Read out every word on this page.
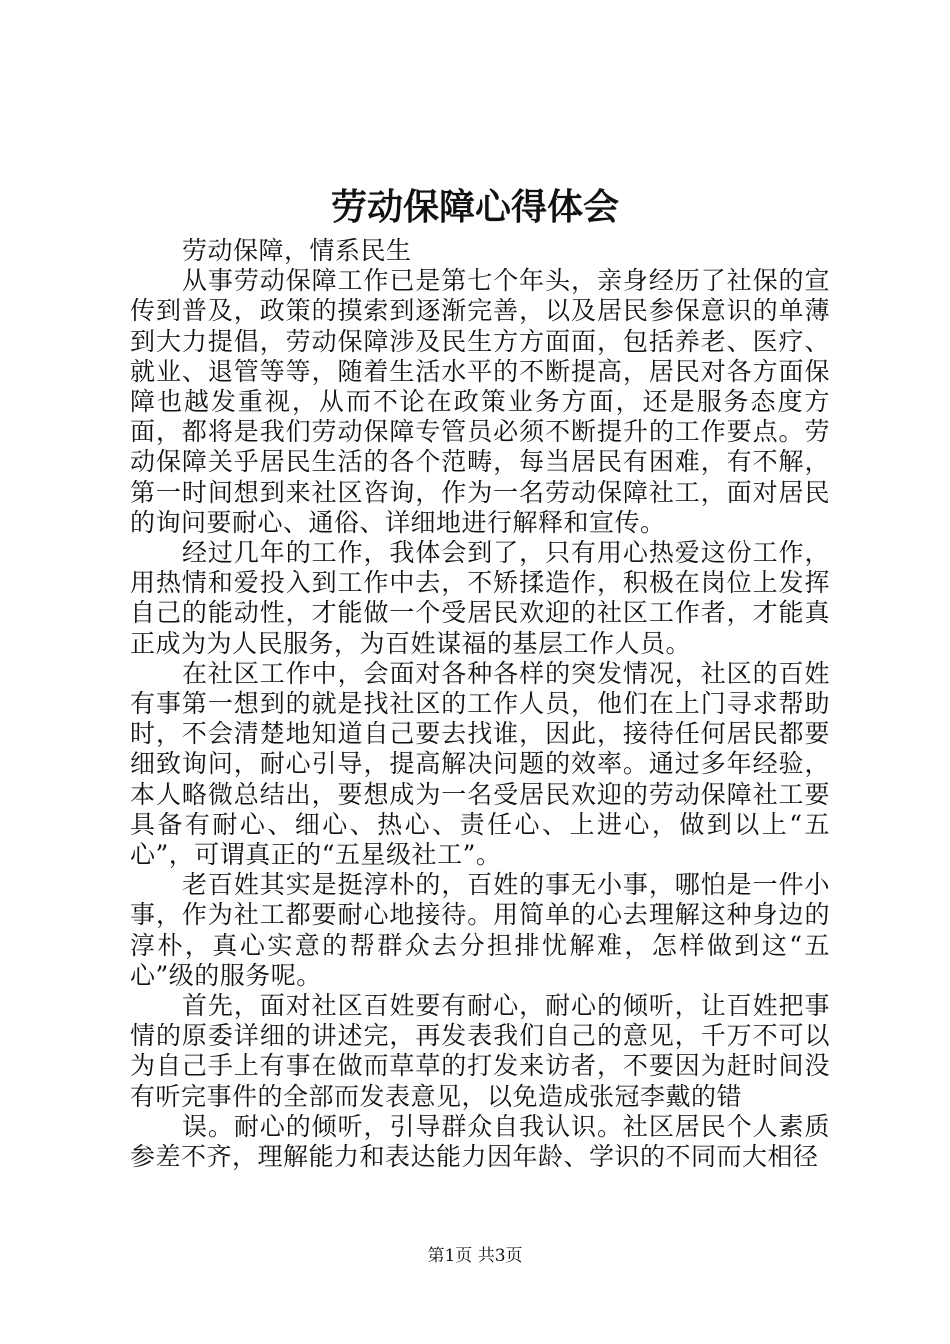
劳动保障心得体会

劳动保障，情系民生

从事劳动保障工作已是第七个年头，亲身经历了社保的宣传到普及，政策的摸索到逐渐完善，以及居民参保意识的单薄到大力提倡，劳动保障涉及民生方方面面，包括养老、医疗、就业、退管等等，随着生活水平的不断提高，居民对各方面保障也越发重视，从而不论在政策业务方面，还是服务态度方面，都将是我们劳动保障专管员必须不断提升的工作要点。劳动保障关乎居民生活的各个范畴，每当居民有困难，有不解，第一时间想到来社区咨询，作为一名劳动保障社工，面对居民的询问要耐心、通俗、详细地进行解释和宣传。

经过几年的工作，我体会到了，只有用心热爱这份工作，用热情和爱投入到工作中去，不矫揉造作，积极在岗位上发挥自己的能动性，才能做一个受居民欢迎的社区工作者，才能真正成为为人民服务，为百姓谋福的基层工作人员。

在社区工作中，会面对各种各样的突发情况，社区的百姓有事第一想到的就是找社区的工作人员，他们在上门寻求帮助时，不会清楚地知道自己要去找谁，因此，接待任何居民都要细致询问，耐心引导，提高解决问题的效率。通过多年经验，本人略微总结出，要想成为一名受居民欢迎的劳动保障社工要具备有耐心、细心、热心、责任心、上进心，做到以上“五心”，可谓真正的“五星级社工”。

老百姓其实是挺淳朴的，百姓的事无小事，哪怕是一件小事，作为社工都要耐心地接待。用简单的心去理解这种身边的淳朴，真心实意的帮群众去分担排忧解难，怎样做到这“五心”级的服务呢。

首先，面对社区百姓要有耐心，耐心的倾听，让百姓把事情的原委详细的讲述完，再发表我们自己的意见，千万不可以为自己手上有事在做而草草的打发来访者，不要因为赶时间没有听完事件的全部而发表意见，以免造成张冠李戴的错

误。耐心的倾听，引导群众自我认识。社区居民个人素质参差不齐，理解能力和表达能力因年龄、学识的不同而大相径

第1页 共3页
